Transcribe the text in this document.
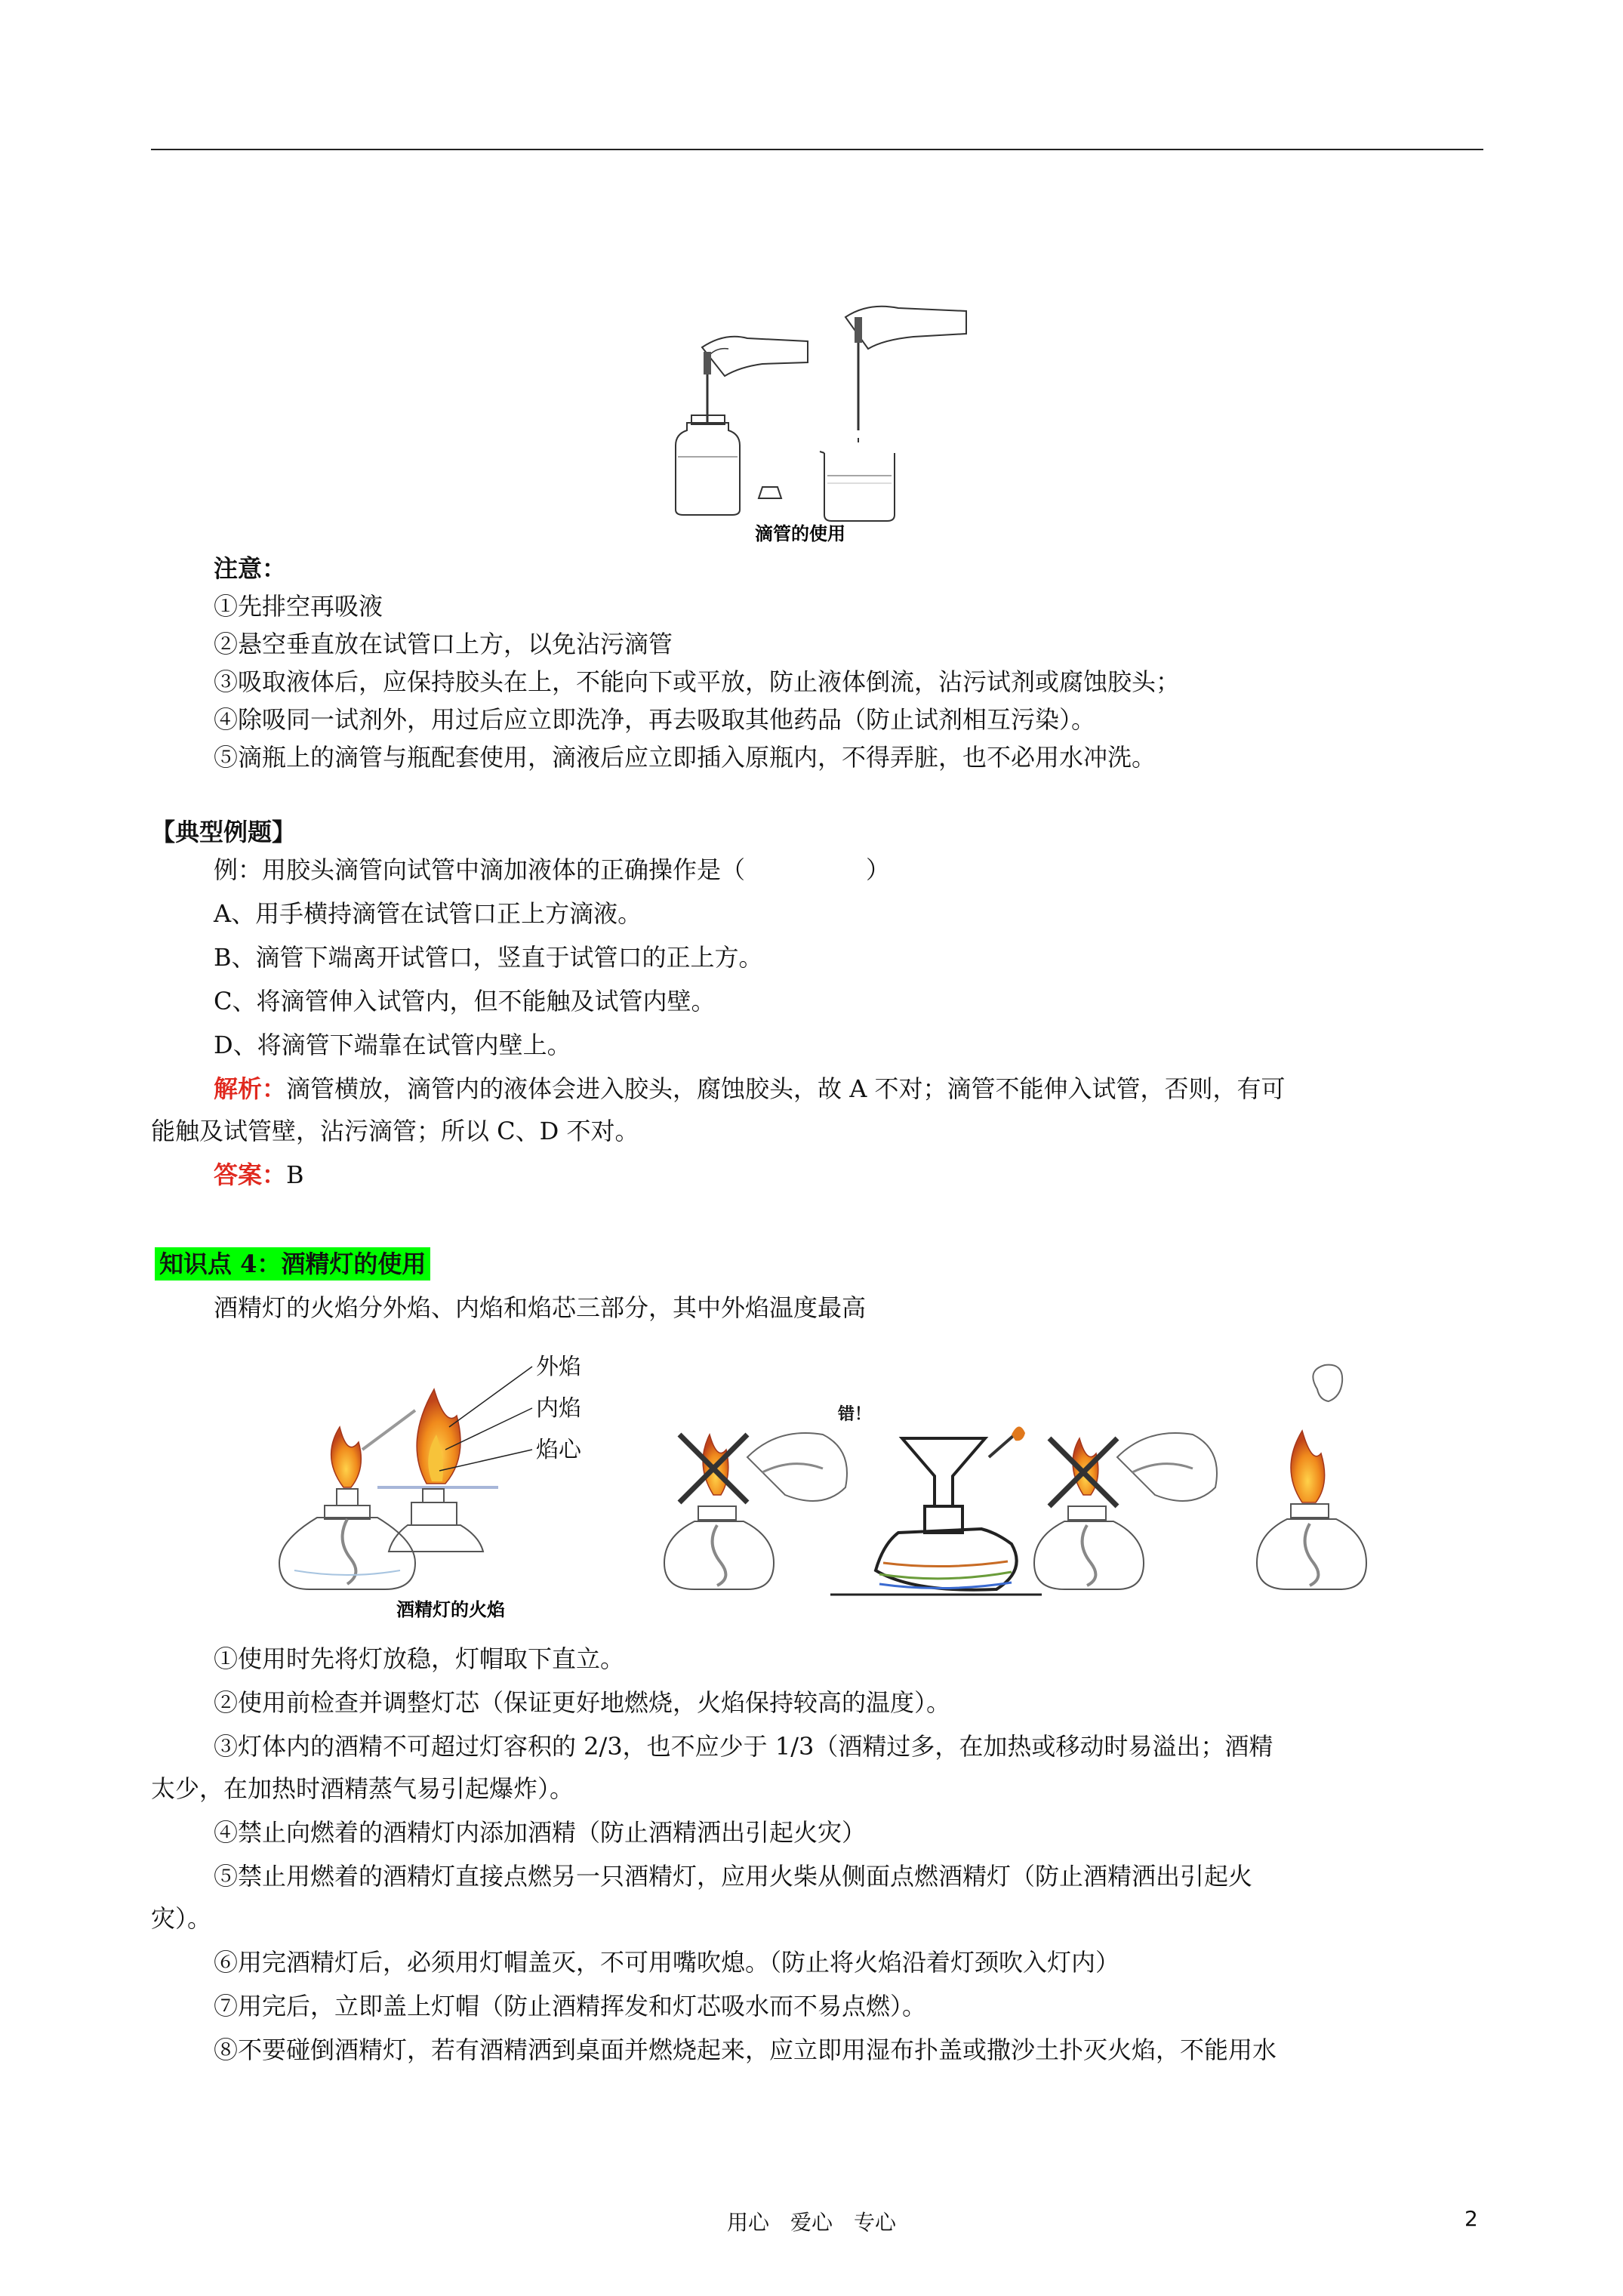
滴管的使用
注意：
①先排空再吸液
②悬空垂直放在试管口上方，以免沾污滴管
③吸取液体后，应保持胶头在上，不能向下或平放，防止液体倒流，沾污试剂或腐蚀胶头；
④除吸同一试剂外，用过后应立即洗净，再去吸取其他药品（防止试剂相互污染）。
⑤滴瓶上的滴管与瓶配套使用，滴液后应立即插入原瓶内，不得弄脏，也不必用水冲洗。
【典型例题】
例：用胶头滴管向试管中滴加液体的正确操作是（　　　　　）
A、用手横持滴管在试管口正上方滴液。
B、滴管下端离开试管口，竖直于试管口的正上方。
C、将滴管伸入试管内，但不能触及试管内壁。
D、将滴管下端靠在试管内壁上。
解析：滴管横放，滴管内的液体会进入胶头，腐蚀胶头，故 A 不对；滴管不能伸入试管，否则，有可
能触及试管壁，沾污滴管；所以 C、D 不对。
答案：B
知识点 4：酒精灯的使用
酒精灯的火焰分外焰、内焰和焰芯三部分，其中外焰温度最高
外焰
内焰
焰心
酒精灯的火焰
错！
①使用时先将灯放稳，灯帽取下直立。
②使用前检查并调整灯芯（保证更好地燃烧，火焰保持较高的温度）。
③灯体内的酒精不可超过灯容积的 2/3，也不应少于 1/3（酒精过多，在加热或移动时易溢出；酒精
太少，在加热时酒精蒸气易引起爆炸）。
④禁止向燃着的酒精灯内添加酒精（防止酒精洒出引起火灾）
⑤禁止用燃着的酒精灯直接点燃另一只酒精灯，应用火柴从侧面点燃酒精灯（防止酒精洒出引起火
灾）。
⑥用完酒精灯后，必须用灯帽盖灭，不可用嘴吹熄。（防止将火焰沿着灯颈吹入灯内）
⑦用完后，立即盖上灯帽（防止酒精挥发和灯芯吸水而不易点燃）。
⑧不要碰倒酒精灯，若有酒精洒到桌面并燃烧起来，应立即用湿布扑盖或撒沙土扑灭火焰，不能用水
用心　爱心　专心	2
